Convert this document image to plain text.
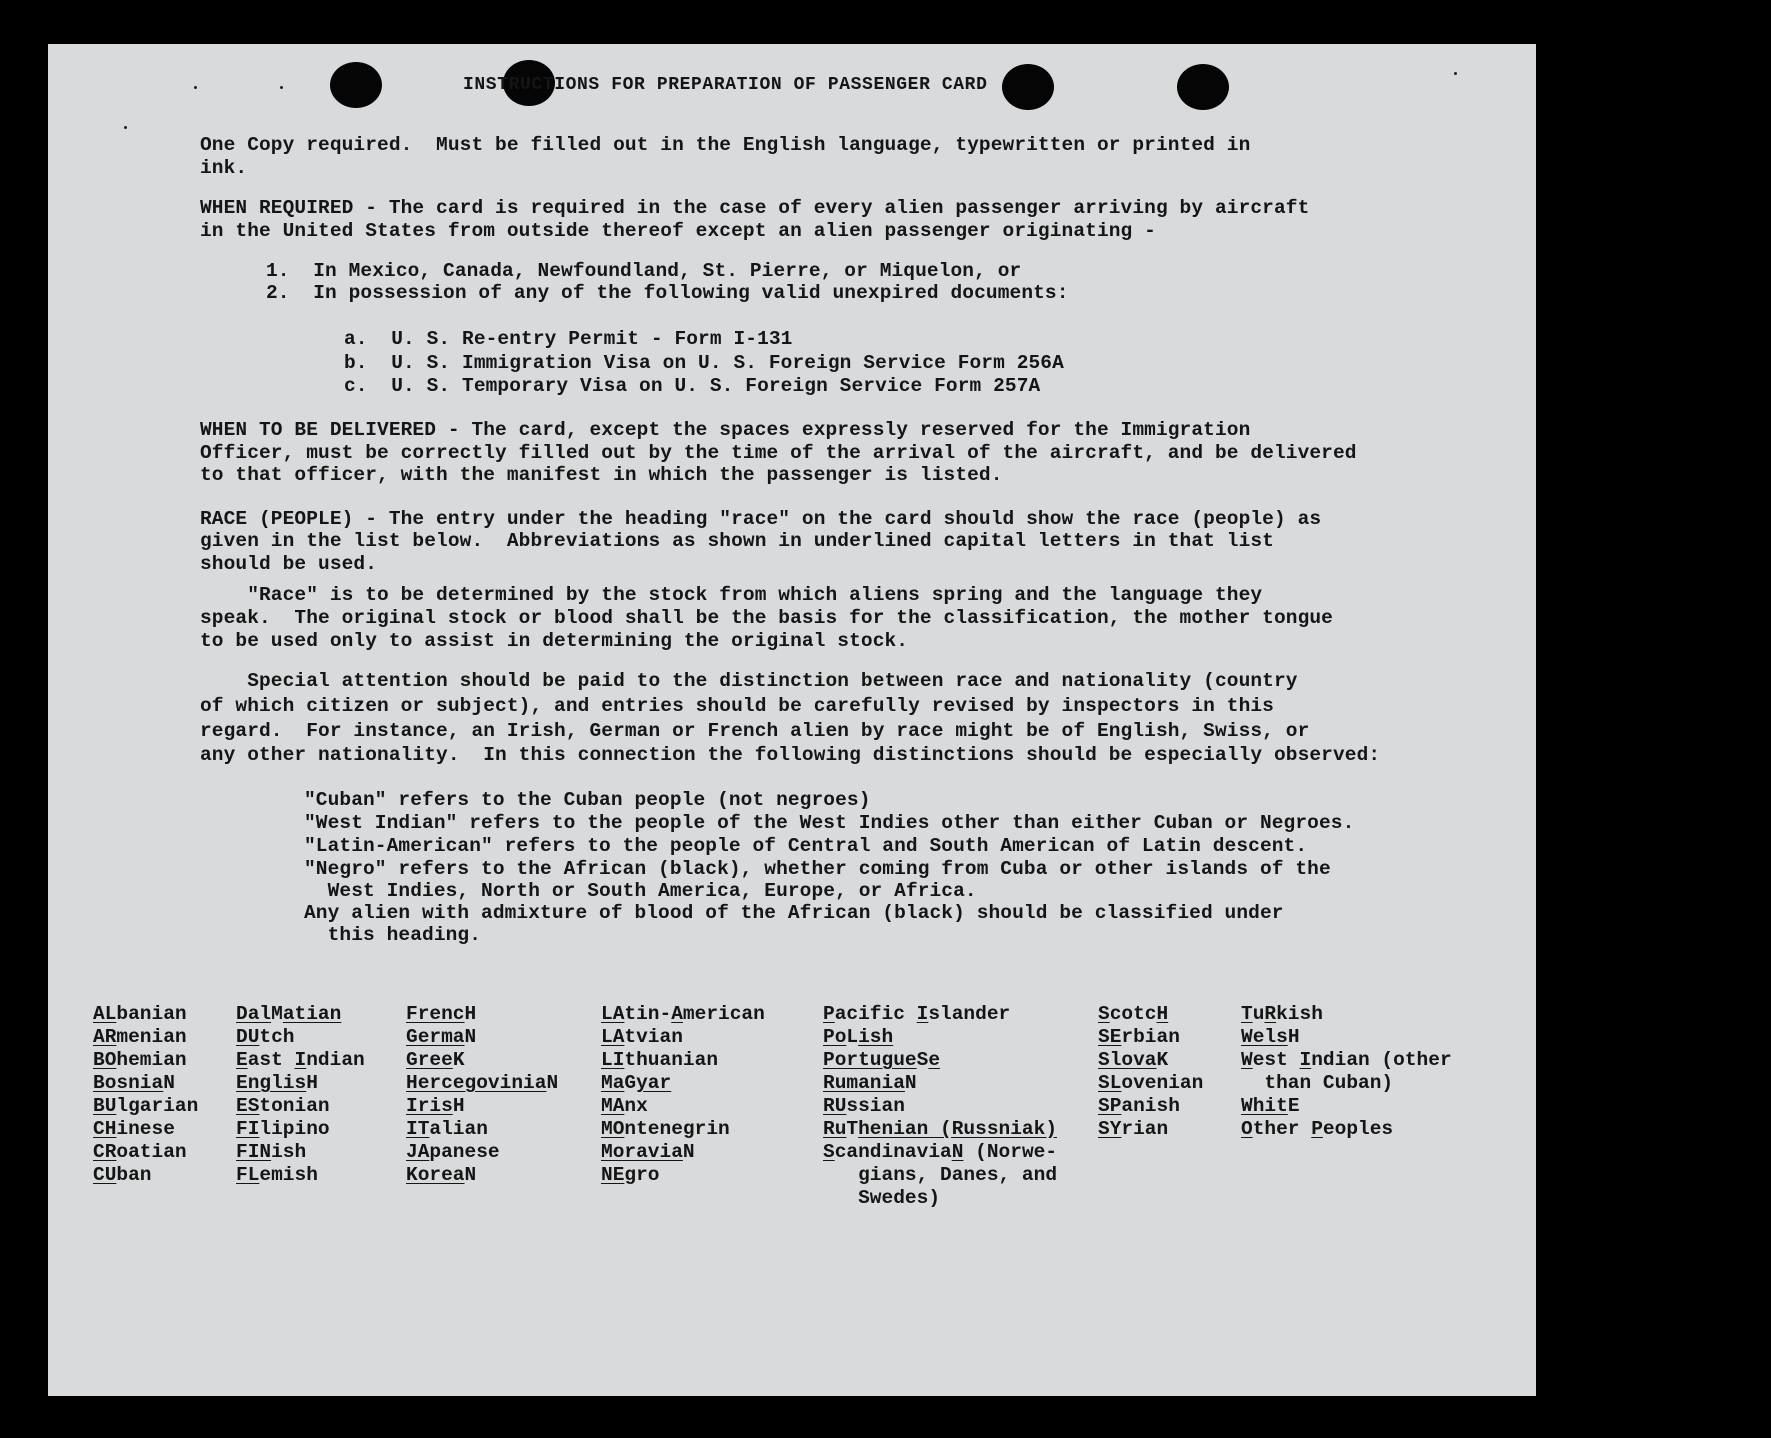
INSTRUCTIONS FOR PREPARATION OF PASSENGER CARD
One Copy required.  Must be filled out in the English language, typewritten or printed in
ink.
WHEN REQUIRED - The card is required in the case of every alien passenger arriving by aircraft
in the United States from outside thereof except an alien passenger originating -
1.  In Mexico, Canada, Newfoundland, St. Pierre, or Miquelon, or
2.  In possession of any of the following valid unexpired documents:
a.  U. S. Re-entry Permit - Form I-131
b.  U. S. Immigration Visa on U. S. Foreign Service Form 256A
c.  U. S. Temporary Visa on U. S. Foreign Service Form 257A
WHEN TO BE DELIVERED - The card, except the spaces expressly reserved for the Immigration
Officer, must be correctly filled out by the time of the arrival of the aircraft, and be delivered
to that officer, with the manifest in which the passenger is listed.
RACE (PEOPLE) - The entry under the heading "race" on the card should show the race (people) as
given in the list below.  Abbreviations as shown in underlined capital letters in that list
should be used.
"Race" is to be determined by the stock from which aliens spring and the language they
speak.  The original stock or blood shall be the basis for the classification, the mother tongue
to be used only to assist in determining the original stock.
Special attention should be paid to the distinction between race and nationality (country
of which citizen or subject), and entries should be carefully revised by inspectors in this
regard.  For instance, an Irish, German or French alien by race might be of English, Swiss, or
any other nationality.  In this connection the following distinctions should be especially observed:
"Cuban" refers to the Cuban people (not negroes)
"West Indian" refers to the people of the West Indies other than either Cuban or Negroes.
"Latin-American" refers to the people of Central and South American of Latin descent.
"Negro" refers to the African (black), whether coming from Cuba or other islands of the
West Indies, North or South America, Europe, or Africa.
Any alien with admixture of blood of the African (black) should be classified under
this heading.
ALbanian
ARmenian
BOhemian
BosniaN
BUlgarian
CHinese
CRoatian
CUban
DalMatian
DUtch
East Indian
EnglisH
EStonian
FIlipino
FINish
FLemish
FrencH
GermaN
GreeK
HercegoviniaN
IrisH
ITalian
JApanese
KoreaN
LAtin-American
LAtvian
LIthuanian
MaGyar
MAnx
MOntenegrin
MoraviaN
NEgro
Pacific Islander
PoLish
PortugueSe
RumaniaN
RUssian
RuThenian (Russniak)
ScandinaviaN (Norwe-
gians, Danes, and
Swedes)
ScotcH
SErbian
SlovaK
SLovenian
SPanish
SYrian
TuRkish
WelsH
West Indian (other
than Cuban)
WhitE
Other Peoples
